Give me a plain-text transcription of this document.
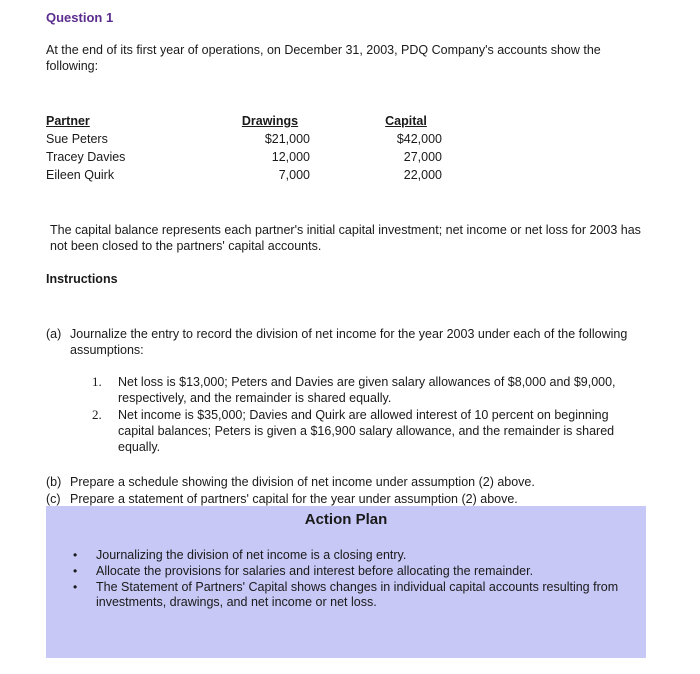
Question 1
At the end of its first year of operations, on December 31, 2003, PDQ Company's accounts show the following:
Partner
Sue Peters
Tracey Davies
Eileen Quirk
Drawings
$21,000
12,000
7,000
Capital
$42,000
27,000
22,000
The capital balance represents each partner's initial capital investment; net income or net loss for 2003 has not been closed to the partners' capital accounts.
Instructions
(a) Journalize the entry to record the division of net income for the year 2003 under each of the following assumptions:
1. Net loss is $13,000; Peters and Davies are given salary allowances of $8,000 and $9,000, respectively, and the remainder is shared equally.
2. Net income is $35,000; Davies and Quirk are allowed interest of 10 percent on beginning capital balances; Peters is given a $16,900 salary allowance, and the remainder is shared equally.
(b) Prepare a schedule showing the division of net income under assumption (2) above.
(c) Prepare a statement of partners' capital for the year under assumption (2) above.
Action Plan
• Journalizing the division of net income is a closing entry.
• Allocate the provisions for salaries and interest before allocating the remainder.
• The Statement of Partners' Capital shows changes in individual capital accounts resulting from investments, drawings, and net income or net loss.
